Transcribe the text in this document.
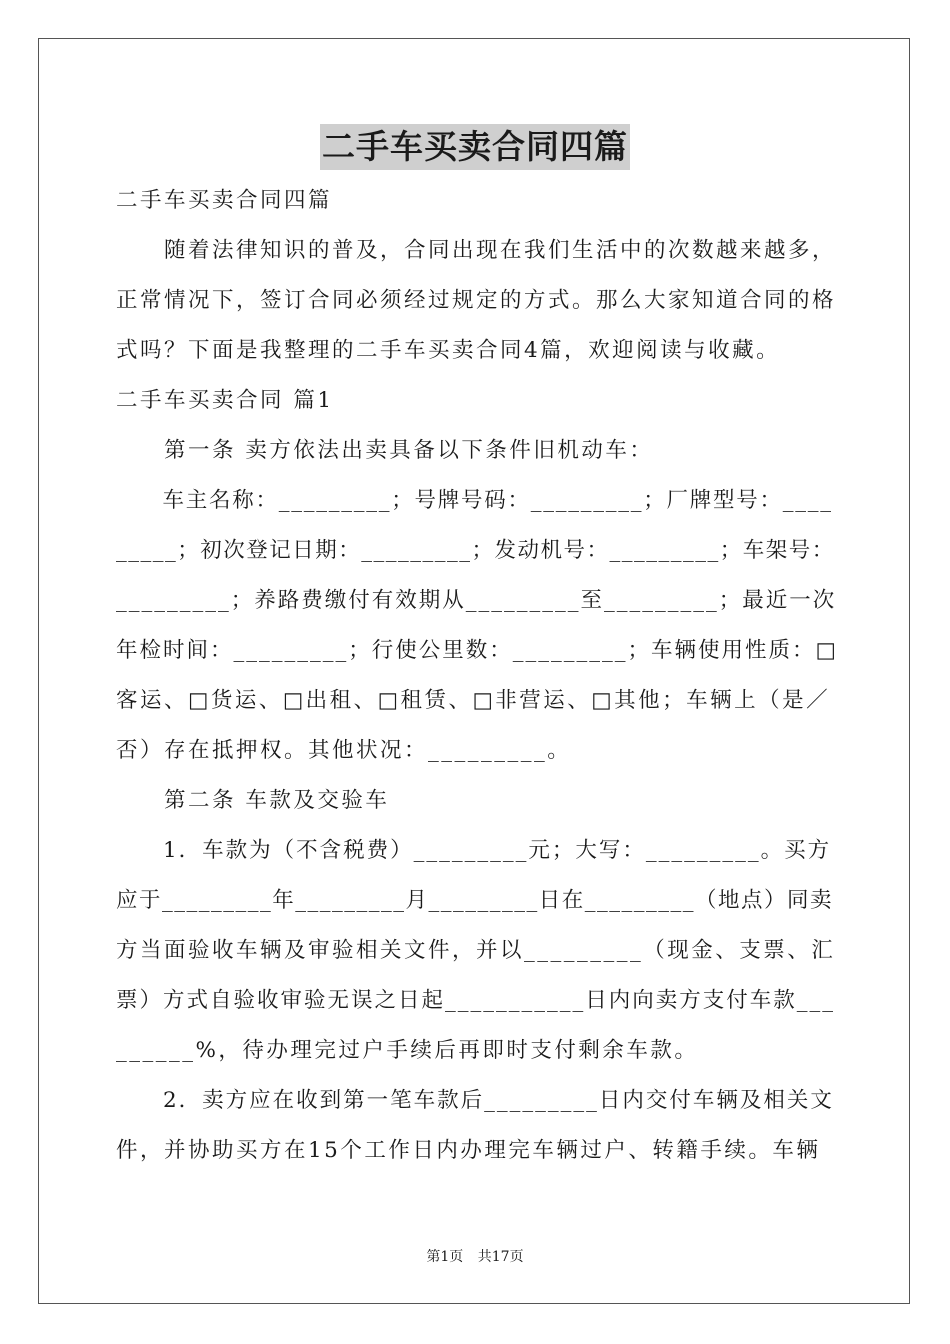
二手车买卖合同四篇

二手车买卖合同四篇

　　随着法律知识的普及，合同出现在我们生活中的次数越来越多，

正常情况下，签订合同必须经过规定的方式。那么大家知道合同的格

式吗？下面是我整理的二手车买卖合同4篇，欢迎阅读与收藏。

二手车买卖合同 篇1

　　第一条 卖方依法出卖具备以下条件旧机动车：

　　车主名称：_________；号牌号码：_________；厂牌型号：____

_____；初次登记日期：_________；发动机号：_________；车架号：

_________；养路费缴付有效期从_________至_________；最近一次

年检时间：_________；行使公里数：_________；车辆使用性质：□

客运、□货运、□出租、□租赁、□非营运、□其他；车辆上（是／

否）存在抵押权。其他状况：_________。

　　第二条 车款及交验车

　　1．车款为（不含税费）_________元；大写：_________。买方

应于_________年_________月_________日在_________（地点）同卖

方当面验收车辆及审验相关文件，并以_________（现金、支票、汇

票）方式自验收审验无误之日起___________日内向卖方支付车款___

______%，待办理完过户手续后再即时支付剩余车款。

　　2．卖方应在收到第一笔车款后_________日内交付车辆及相关文

件，并协助买方在15个工作日内办理完车辆过户、转籍手续。车辆

第1页 共17页
